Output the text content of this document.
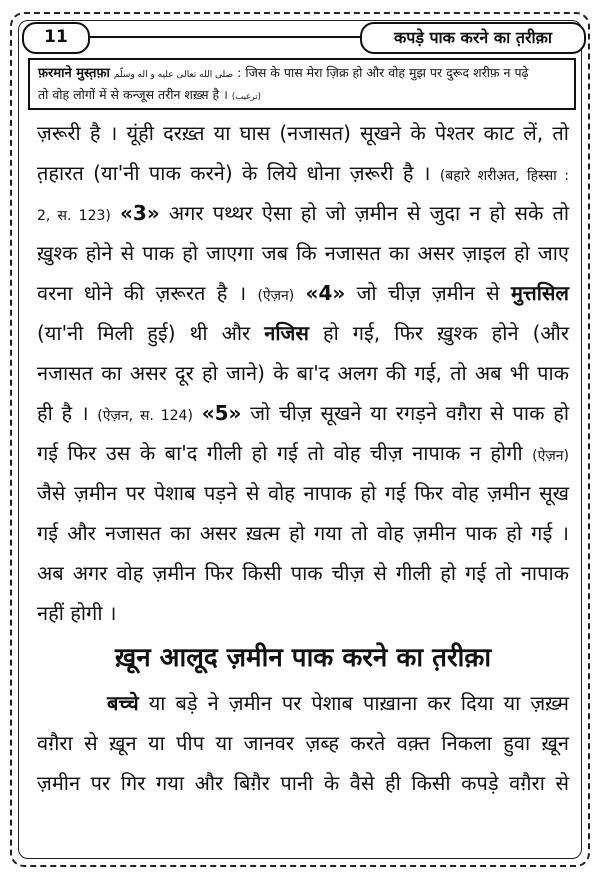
11	कपड़े पाक करने का त़रीक़ा
फ़रमाने मुस्त़फ़ा صلى الله تعالى عليه و اله وسلّم : जिस के पास मेरा ज़िक्र हो और वोह मुझ पर दुरूद शरीफ़ न पढ़े
तो वोह लोगों में से कन्जूस तरीन शख़्स है । (ترغیب)
ज़रूरी है । यूंही दरख़्त या घास (नजासत) सूखने के पेश्तर काट लें, तो
त़हारत (या'नी पाक करने) के लिये धोना ज़रूरी है । (बहारे शरीअ़त, हिस्सा :
2, स. 123) «3» अगर पथ्थर ऐसा हो जो ज़मीन से जुदा न हो सके तो
ख़ुश्क होने से पाक हो जाएगा जब कि नजासत का असर ज़ाइल हो जाए
वरना धोने की ज़रूरत है । (ऐज़न) «4» जो चीज़ ज़मीन से मुत्तसिल
(या'नी मिली हुई) थी और नजिस हो गई, फिर ख़ुश्क होने (और
नजासत का असर दूर हो जाने) के बा'द अलग की गई, तो अब भी पाक
ही है । (ऐज़न, स. 124) «5» जो चीज़ सूखने या रगड़ने वग़ैरा से पाक हो
गई फिर उस के बा'द गीली हो गई तो वोह चीज़ नापाक न होगी (ऐज़न)
जैसे ज़मीन पर पेशाब पड़ने से वोह नापाक हो गई फिर वोह ज़मीन सूख
गई और नजासत का असर ख़त्म हो गया तो वोह ज़मीन पाक हो गई ।
अब अगर वोह ज़मीन फिर किसी पाक चीज़ से गीली हो गई तो नापाक
नहीं होगी ।
ख़ून आलूद ज़मीन पाक करने का त़रीक़ा
बच्चे या बड़े ने ज़मीन पर पेशाब पाख़ाना कर दिया या ज़ख़्म
वग़ैरा से ख़ून या पीप या जानवर ज़ब्ह करते वक़्त निकला हुवा ख़ून
ज़मीन पर गिर गया और बिग़ैर पानी के वैसे ही किसी कपड़े वग़ैरा से
